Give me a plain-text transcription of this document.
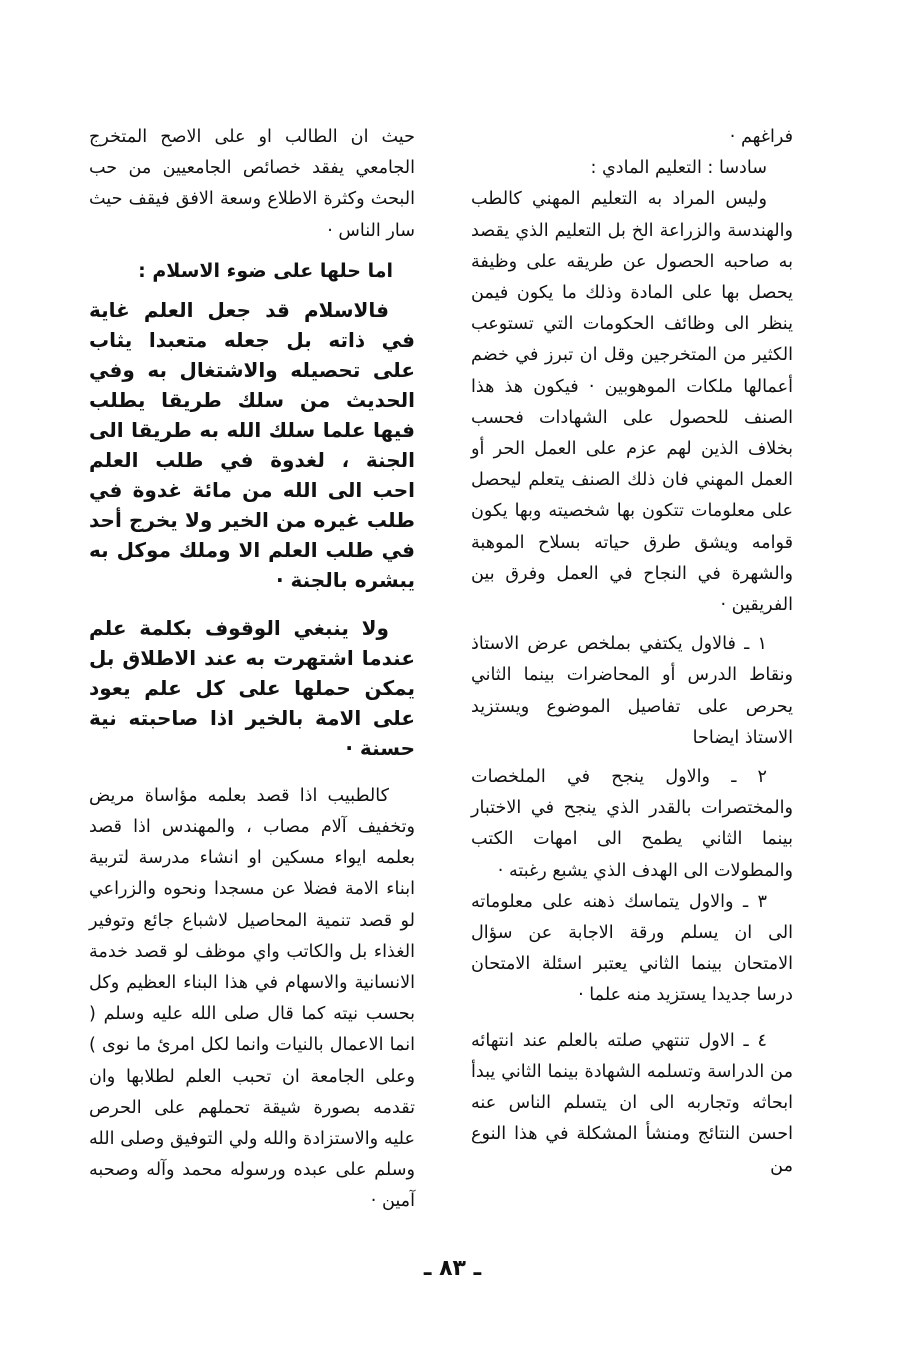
فراغهم ·

سادسا : التعليم المادي :

وليس المراد به التعليم المهني كالطب والهندسة والزراعة الخ بل التعليم الذي يقصد به صاحبه الحصول عن طريقه على وظيفة يحصل بها على المادة وذلك ما يكون فيمن ينظر الى وظائف الحكومات التي تستوعب الكثير من المتخرجين وقل ان تبرز في خضم أعمالها ملكات الموهوبين · فيكون هذ هذا الصنف للحصول على الشهادات فحسب بخلاف الذين لهم عزم على العمل الحر أو العمل المهني فان ذلك الصنف يتعلم ليحصل على معلومات تتكون بها شخصيته وبها يكون قوامه ويشق طرق حياته بسلاح الموهبة والشهرة في النجاح في العمل وفرق بين الفريقين ·

١ ـ فالاول يكتفي بملخص عرض الاستاذ ونقاط الدرس أو المحاضرات بينما الثاني يحرص على تفاصيل الموضوع ويستزيد الاستاذ ايضاحا

٢ ـ والاول ينجح في الملخصات والمختصرات بالقدر الذي ينجح في الاختبار بينما الثاني يطمح الى امهات الكتب والمطولات الى الهدف الذي يشبع رغبته ·

٣ ـ والاول يتماسك ذهنه على معلوماته الى ان يسلم ورقة الاجابة عن سؤال الامتحان بينما الثاني يعتبر اسئلة الامتحان درسا جديدا يستزيد منه علما ·

٤ ـ الاول تنتهي صلته بالعلم عند انتهائه من الدراسة وتسلمه الشهادة بينما الثاني يبدأ ابحاثه وتجاربه الى ان يتسلم الناس عنه احسن النتائج ومنشأ المشكلة في هذا النوع من

حيث ان الطالب او على الاصح المتخرج الجامعي يفقد خصائص الجامعيين من حب البحث وكثرة الاطلاع وسعة الافق فيقف حيث سار الناس ·

اما حلها على ضوء الاسلام :

فالاسلام قد جعل العلم غاية في ذاته بل جعله متعبدا يثاب على تحصيله والاشتغال به وفي الحديث من سلك طريقا يطلب فيها علما سلك الله به طريقا الى الجنة ، لغدوة في طلب العلم احب الى الله من مائة غدوة في طلب غيره من الخير ولا يخرج أحد في طلب العلم الا وملك موكل به يبشره بالجنة ·

ولا ينبغي الوقوف بكلمة علم عندما اشتهرت به عند الاطلاق بل يمكن حملها على كل علم يعود على الامة بالخير اذا صاحبته نية حسنة ·

كالطبيب اذا قصد بعلمه مؤاساة مريض وتخفيف آلام مصاب ، والمهندس اذا قصد بعلمه ايواء مسكين او انشاء مدرسة لتربية ابناء الامة فضلا عن مسجدا ونحوه والزراعي لو قصد تنمية المحاصيل لاشباع جائع وتوفير الغذاء بل والكاتب واي موظف لو قصد خدمة الانسانية والاسهام في هذا البناء العظيم وكل بحسب نيته كما قال صلى الله عليه وسلم ( انما الاعمال بالنيات وانما لكل امرئ ما نوى ) وعلى الجامعة ان تحبب العلم لطلابها وان تقدمه بصورة شيقة تحملهم على الحرص عليه والاستزادة والله ولي التوفيق وصلى الله وسلم على عبده ورسوله محمد وآله وصحبه آمين ·

ـ ٨٣ ـ
